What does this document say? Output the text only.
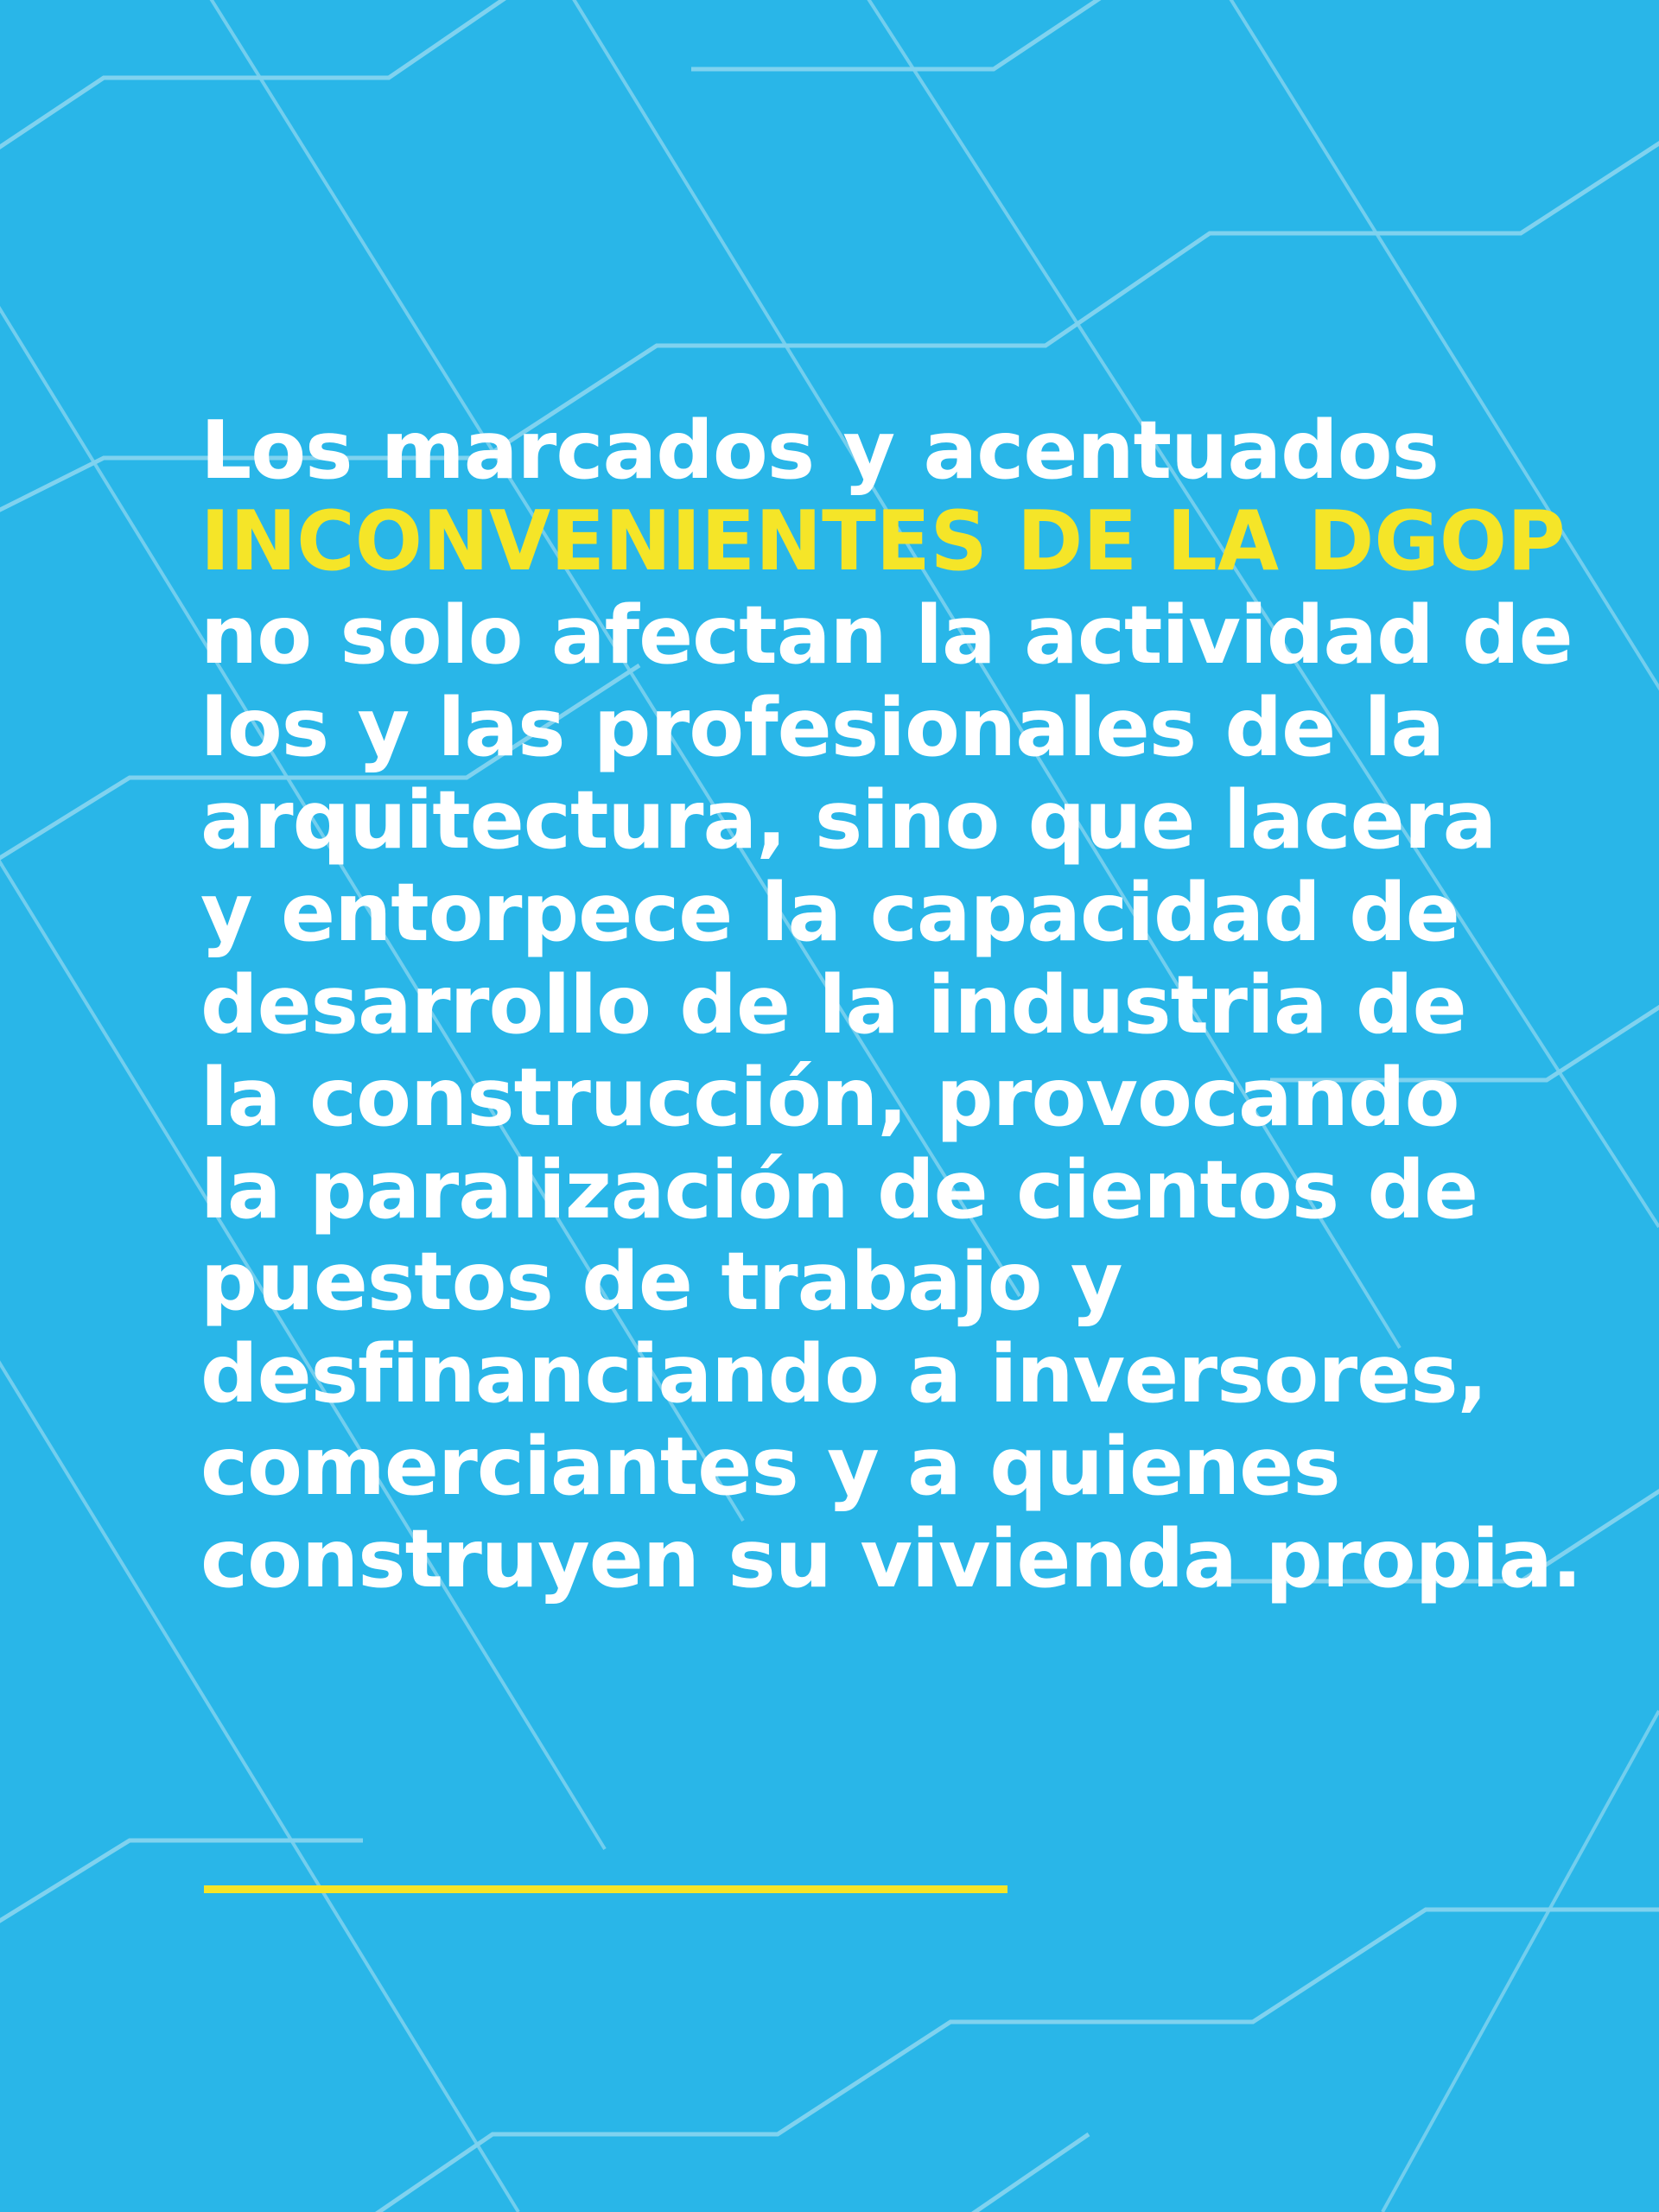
Los marcados y acentuados
INCONVENIENTES DE LA DGOP
no solo afectan la actividad de
los y las profesionales de la
arquitectura, sino que lacera
y entorpece la capacidad de
desarrollo de la industria de
la construcción, provocando
la paralización de cientos de
puestos de trabajo y
desfinanciando a inversores,
comerciantes y a quienes
construyen su vivienda propia.
